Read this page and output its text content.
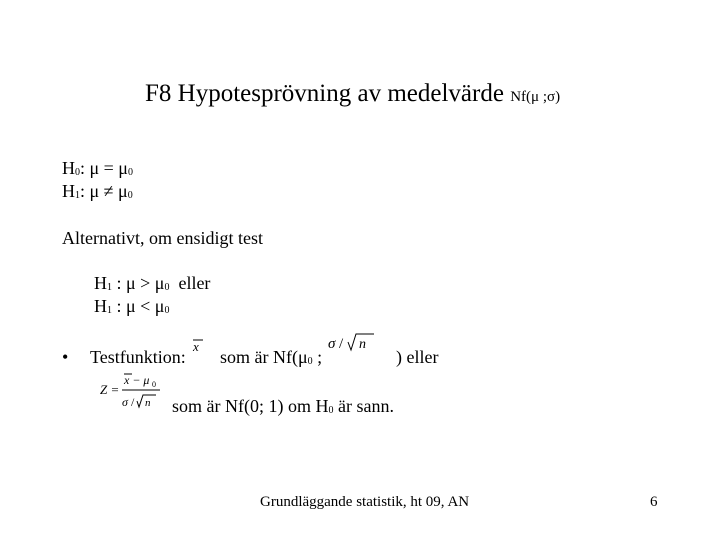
F8 Hypotesprövning av medelvärde Nf(μ ;σ)
$H_0$: $\mu = \mu_0$
$H_1$: $\mu \ne \mu_0$
Alternativt, om ensidigt test
$H_1$ : $\mu > \mu_0$  eller
$H_1$ : $\mu < \mu_0$
• Testfunktion:
x
som är $Nf(\mu_0$ ;
σ / n
) eller
Z =
x − μ 0
σ / n som är Nf(0; 1) om $H_0$ är sann.
Grundläggande statistik, ht 09, AN	6
